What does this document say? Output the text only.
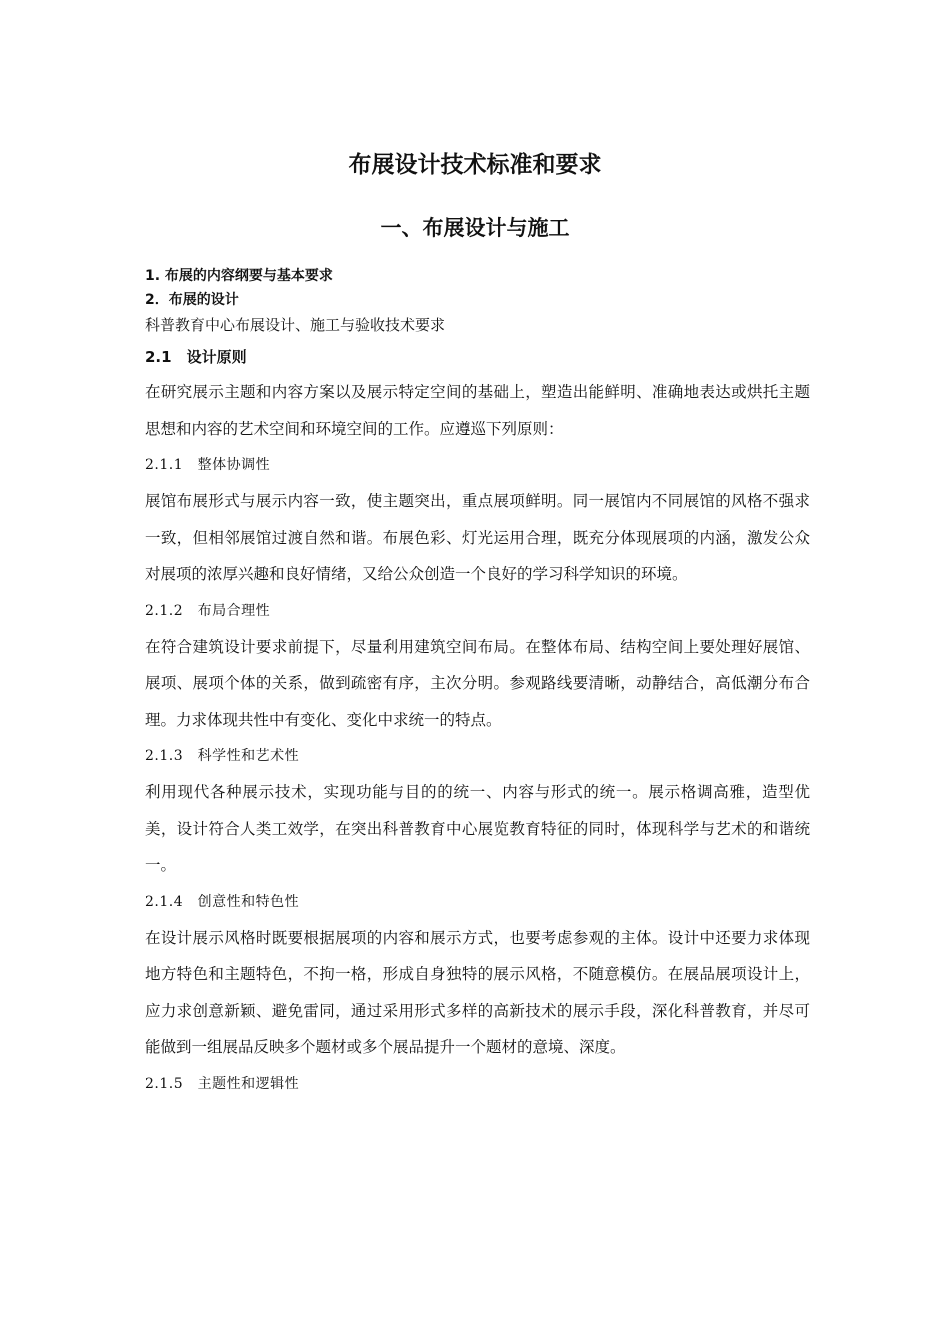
布展设计技术标准和要求
一、布展设计与施工
1. 布展的内容纲要与基本要求
2．布展的设计
科普教育中心布展设计、施工与验收技术要求
2.1　设计原则
在研究展示主题和内容方案以及展示特定空间的基础上，塑造出能鲜明、准确地表达或烘托主题思想和内容的艺术空间和环境空间的工作。应遵巡下列原则：
2.1.1　整体协调性
展馆布展形式与展示内容一致，使主题突出，重点展项鲜明。同一展馆内不同展馆的风格不强求一致，但相邻展馆过渡自然和谐。布展色彩、灯光运用合理，既充分体现展项的内涵，激发公众对展项的浓厚兴趣和良好情绪，又给公众创造一个良好的学习科学知识的环境。
2.1.2　布局合理性
在符合建筑设计要求前提下，尽量利用建筑空间布局。在整体布局、结构空间上要处理好展馆、展项、展项个体的关系，做到疏密有序，主次分明。参观路线要清晰，动静结合，高低潮分布合理。力求体现共性中有变化、变化中求统一的特点。
2.1.3　科学性和艺术性
利用现代各种展示技术，实现功能与目的的统一、内容与形式的统一。展示格调高雅，造型优美，设计符合人类工效学，在突出科普教育中心展览教育特征的同时，体现科学与艺术的和谐统一。
2.1.4　创意性和特色性
在设计展示风格时既要根据展项的内容和展示方式，也要考虑参观的主体。设计中还要力求体现地方特色和主题特色，不拘一格，形成自身独特的展示风格，不随意模仿。在展品展项设计上，应力求创意新颖、避免雷同，通过采用形式多样的高新技术的展示手段，深化科普教育，并尽可能做到一组展品反映多个题材或多个展品提升一个题材的意境、深度。
2.1.5　主题性和逻辑性
